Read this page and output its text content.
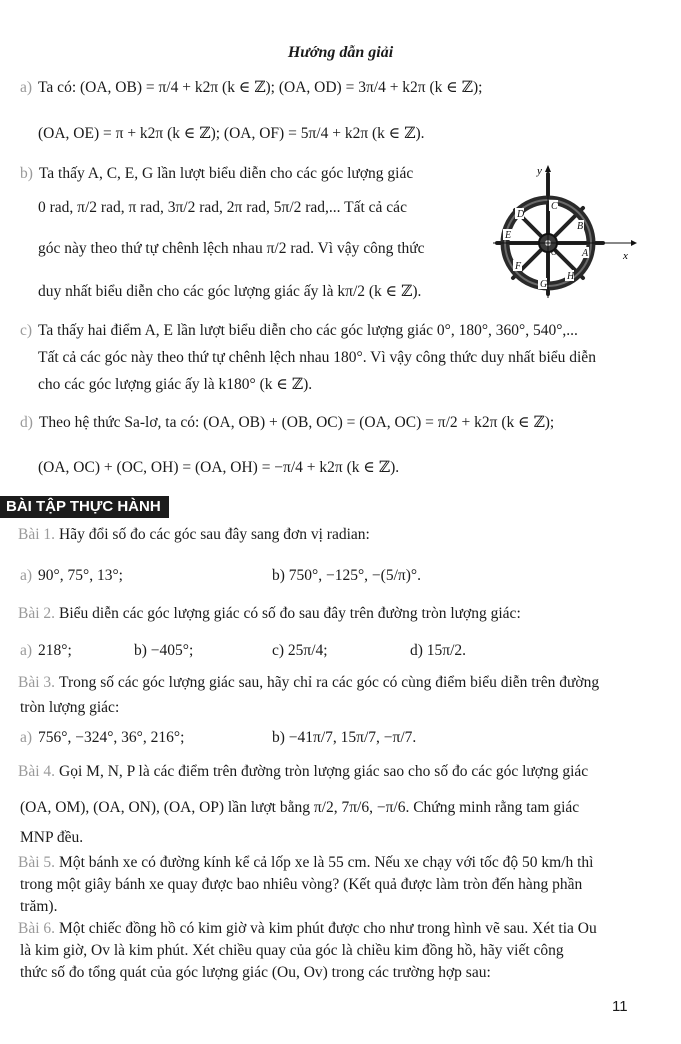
Hướng dẫn giải
a) Ta có: (OA, OB) = π/4 + k2π (k ∈ ℤ); (OA, OD) = 3π/4 + k2π (k ∈ ℤ);
(OA, OE) = π + k2π (k ∈ ℤ); (OA, OF) = 5π/4 + k2π (k ∈ ℤ).
b) Ta thấy A, C, E, G lần lượt biểu diễn cho các góc lượng giác
0 rad, π/2 rad, π rad, 3π/2 rad, 2π rad, 5π/2 rad,... Tất cả các
góc này theo thứ tự chênh lệch nhau π/2 rad. Vì vậy công thức
duy nhất biểu diễn cho các góc lượng giác ấy là kπ/2 (k ∈ ℤ).
x
y
A
B
C
D
E
F
G
H
O
c) Ta thấy hai điểm A, E lần lượt biểu diễn cho các góc lượng giác 0°, 180°, 360°, 540°,...
Tất cả các góc này theo thứ tự chênh lệch nhau 180°. Vì vậy công thức duy nhất biểu diễn
cho các góc lượng giác ấy là k180° (k ∈ ℤ).
d) Theo hệ thức Sa-lơ, ta có: (OA, OB) + (OB, OC) = (OA, OC) = π/2 + k2π (k ∈ ℤ);
(OA, OC) + (OC, OH) = (OA, OH) = −π/4 + k2π (k ∈ ℤ).
BÀI TẬP THỰC HÀNH
Bài 1. Hãy đổi số đo các góc sau đây sang đơn vị radian:
a) 90°, 75°, 13°;	b) 750°, −125°, −(5/π)°.
Bài 2. Biểu diễn các góc lượng giác có số đo sau đây trên đường tròn lượng giác:
a) 218°;	b) −405°;	c) 25π/4;	d) 15π/2.
Bài 3. Trong số các góc lượng giác sau, hãy chỉ ra các góc có cùng điểm biểu diễn trên đường
tròn lượng giác:
a) 756°, −324°, 36°, 216°;	b) −41π/7, 15π/7, −π/7.
Bài 4. Gọi M, N, P là các điểm trên đường tròn lượng giác sao cho số đo các góc lượng giác
(OA, OM), (OA, ON), (OA, OP) lần lượt bằng π/2, 7π/6, −π/6. Chứng minh rằng tam giác
MNP đều.
Bài 5. Một bánh xe có đường kính kể cả lốp xe là 55 cm. Nếu xe chạy với tốc độ 50 km/h thì
trong một giây bánh xe quay được bao nhiêu vòng? (Kết quả được làm tròn đến hàng phần
trăm).
Bài 6. Một chiếc đồng hồ có kim giờ và kim phút được cho như trong hình vẽ sau. Xét tia Ou
là kim giờ, Ov là kim phút. Xét chiều quay của góc là chiều kim đồng hồ, hãy viết công
thức số đo tổng quát của góc lượng giác (Ou, Ov) trong các trường hợp sau:
11
